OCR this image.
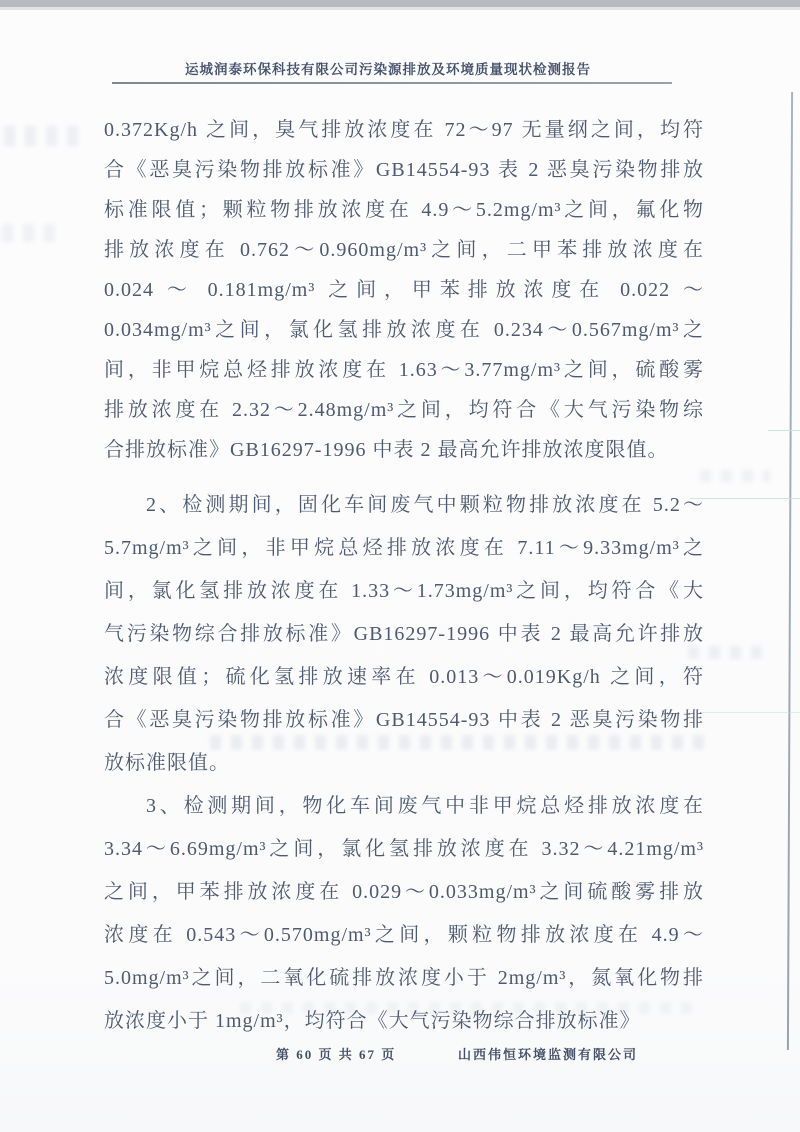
运城润泰环保科技有限公司污染源排放及环境质量现状检测报告
0.372Kg/h 之间，臭气排放浓度在 72～97 无量纲之间，均符
合《恶臭污染物排放标准》GB14554-93 表 2 恶臭污染物排放
标准限值；颗粒物排放浓度在 4.9～5.2mg/m³之间，氟化物
排放浓度在 0.762～0.960mg/m³之间，二甲苯排放浓度在
0.024 ～ 0.181mg/m³ 之间，甲苯排放浓度在 0.022 ～
0.034mg/m³之间，氯化氢排放浓度在 0.234～0.567mg/m³之
间，非甲烷总烃排放浓度在 1.63～3.77mg/m³之间，硫酸雾
排放浓度在 2.32～2.48mg/m³之间，均符合《大气污染物综
合排放标准》GB16297-1996 中表 2 最高允许排放浓度限值。
2、检测期间，固化车间废气中颗粒物排放浓度在 5.2～
5.7mg/m³之间，非甲烷总烃排放浓度在 7.11～9.33mg/m³之
间，氯化氢排放浓度在 1.33～1.73mg/m³之间，均符合《大
气污染物综合排放标准》GB16297-1996 中表 2 最高允许排放
浓度限值；硫化氢排放速率在 0.013～0.019Kg/h 之间，符
合《恶臭污染物排放标准》GB14554-93 中表 2 恶臭污染物排
放标准限值。
3、检测期间，物化车间废气中非甲烷总烃排放浓度在
3.34～6.69mg/m³之间，氯化氢排放浓度在 3.32～4.21mg/m³
之间，甲苯排放浓度在 0.029～0.033mg/m³之间硫酸雾排放
浓度在 0.543～0.570mg/m³之间，颗粒物排放浓度在 4.9～
5.0mg/m³之间，二氧化硫排放浓度小于 2mg/m³，氮氧化物排
放浓度小于 1mg/m³，均符合《大气污染物综合排放标准》
第 60 页 共 67 页	山西伟恒环境监测有限公司
